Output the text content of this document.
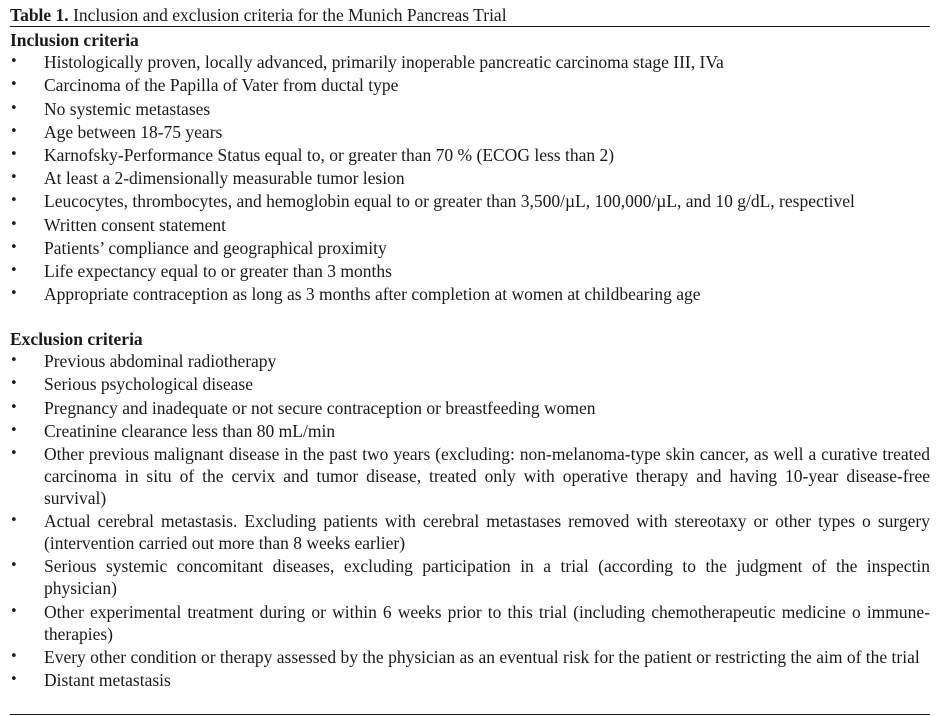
Table 1. Inclusion and exclusion criteria for the Munich Pancreas Trial
Inclusion criteria
• Histologically proven, locally advanced, primarily inoperable pancreatic carcinoma stage III, IVa
• Carcinoma of the Papilla of Vater from ductal type
• No systemic metastases
• Age between 18-75 years
• Karnofsky-Performance Status equal to, or greater than 70 % (ECOG less than 2)
• At least a 2-dimensionally measurable tumor lesion
• Leucocytes, thrombocytes, and hemoglobin equal to or greater than 3,500/µL, 100,000/µL, and 10 g/dL, respectivel
• Written consent statement
• Patients’ compliance and geographical proximity
• Life expectancy equal to or greater than 3 months
• Appropriate contraception as long as 3 months after completion at women at childbearing age
Exclusion criteria
• Previous abdominal radiotherapy
• Serious psychological disease
• Pregnancy and inadequate or not secure contraception or breastfeeding women
• Creatinine clearance less than 80 mL/min
• Other previous malignant disease in the past two years (excluding: non-melanoma-type skin cancer, as well a curative treated carcinoma in situ of the cervix and tumor disease, treated only with operative therapy and having 10-year disease-free survival)
• Actual cerebral metastasis. Excluding patients with cerebral metastases removed with stereotaxy or other types o surgery (intervention carried out more than 8 weeks earlier)
• Serious systemic concomitant diseases, excluding participation in a trial (according to the judgment of the inspectin physician)
• Other experimental treatment during or within 6 weeks prior to this trial (including chemotherapeutic medicine o immune-therapies)
• Every other condition or therapy assessed by the physician as an eventual risk for the patient or restricting the aim of the trial
• Distant metastasis
